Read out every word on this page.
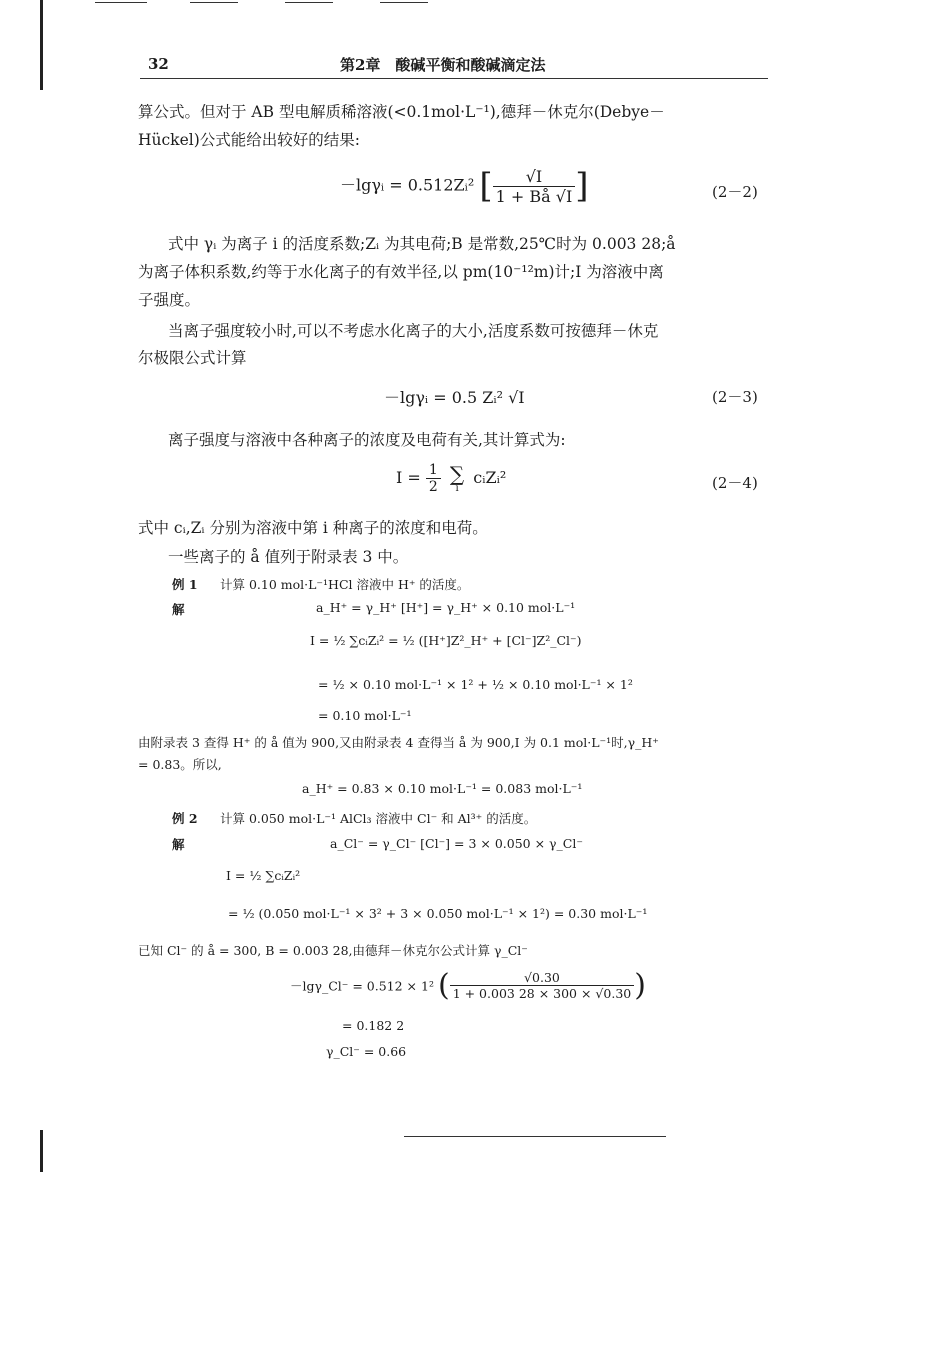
32	第2章　酸碱平衡和酸碱滴定法
算公式。但对于 AB 型电解质稀溶液(<0.1mol·L⁻¹),德拜－休克尔(Debye－
Hückel)公式能给出较好的结果:
－lgγᵢ = 0.512Zᵢ² [ $\frac{√I}{1 + Bå √I}$ ]	(2－2)
式中 γᵢ 为离子 i 的活度系数;Zᵢ 为其电荷;B 是常数,25℃时为 0.003 28;å
为离子体积系数,约等于水化离子的有效半径,以 pm(10⁻¹²m)计;I 为溶液中离
子强度。
当离子强度较小时,可以不考虑水化离子的大小,活度系数可按德拜－休克
尔极限公式计算
－lgγᵢ = 0.5 Zᵢ² √I	(2－3)
离子强度与溶液中各种离子的浓度及电荷有关,其计算式为:
$I = \frac{1}{2}$
∑
i
cᵢZᵢ²	(2－4)
式中 cᵢ,Zᵢ 分别为溶液中第 i 种离子的浓度和电荷。
一些离子的 å 值列于附录表 3 中。
例 1 计算 0.10 mol·L⁻¹HCl 溶液中 H⁺ 的活度。
解	a_H⁺ = γ_H⁺ [H⁺] = γ_H⁺ × 0.10 mol·L⁻¹
I = ½ ∑cᵢZᵢ² = ½ ([H⁺]Z²_H⁺ + [Cl⁻]Z²_Cl⁻)
= ½ × 0.10 mol·L⁻¹ × 1² + ½ × 0.10 mol·L⁻¹ × 1²
= 0.10 mol·L⁻¹
由附录表 3 查得 H⁺ 的 å 值为 900,又由附录表 4 查得当 å 为 900,I 为 0.1 mol·L⁻¹时,γ_H⁺
= 0.83。所以,
a_H⁺ = 0.83 × 0.10 mol·L⁻¹ = 0.083 mol·L⁻¹
例 2 计算 0.050 mol·L⁻¹ AlCl₃ 溶液中 Cl⁻ 和 Al³⁺ 的活度。
解	a_Cl⁻ = γ_Cl⁻ [Cl⁻] = 3 × 0.050 × γ_Cl⁻
I = ½ ∑cᵢZᵢ²
= ½ (0.050 mol·L⁻¹ × 3² + 3 × 0.050 mol·L⁻¹ × 1²) = 0.30 mol·L⁻¹
已知 Cl⁻ 的 å = 300, B = 0.003 28,由德拜－休克尔公式计算 γ_Cl⁻
－lgγ_Cl⁻ = 0.512 × 1² ( $\frac{√0.30}{1 + 0.003 28 \times 300 \times √0.30}$ )
= 0.182 2
γ_Cl⁻ = 0.66
